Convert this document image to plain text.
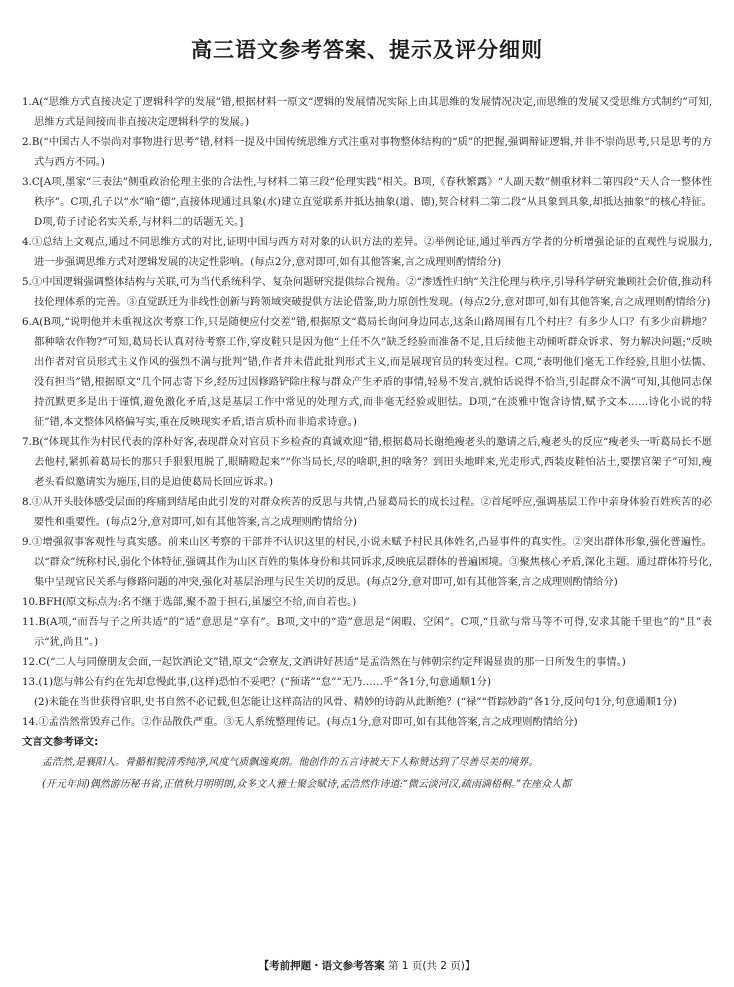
高三语文参考答案、提示及评分细则

1.A(“思维方式直接决定了逻辑科学的发展”错,根据材料一原文“逻辑的发展情况实际上由其思维的发展情况决定,而思维的发展又受思维方式制约”可知,思维方式是间接而非直接决定逻辑科学的发展。)

2.B(“中国古人不崇尚对事物进行思考”错,材料一提及中国传统思维方式注重对事物整体结构的“质”的把握,强调辩证逻辑,并非不崇尚思考,只是思考的方式与西方不同。)

3.C[A项,墨家“三表法”侧重政治伦理主张的合法性,与材料二第三段“伦理实践”相关。B项,《春秋繁露》“人副天数”侧重材料二第四段“天人合一整体性秩序”。C项,孔子以“水”喻“德”,直接体现通过具象(水)建立直觉联系并抵达抽象(道、德),契合材料二第二段“从具象到具象,却抵达抽象”的核心特征。D项,荀子讨论名实关系,与材料二的话题无关。]

4.①总结上文观点,通过不同思维方式的对比,证明中国与西方对对象的认识方法的差异。②举例论证,通过举西方学者的分析增强论证的直观性与说服力,进一步强调思维方式对逻辑发展的决定性影响。(每点2分,意对即可,如有其他答案,言之成理则酌情给分)

5.①中国逻辑强调整体结构与关联,可为当代系统科学、复杂问题研究提供综合视角。②“渗透性归纳”关注伦理与秩序,引导科学研究兼顾社会价值,推动科技伦理体系的完善。③直觉跃迁为非线性创新与跨领域突破提供方法论借鉴,助力原创性发现。(每点2分,意对即可,如有其他答案,言之成理则酌情给分)

6.A(B项,“说明他并未重视这次考察工作,只是随便应付交差”错,根据原文“葛局长询问身边同志,这条山路周围有几个村庄？有多少人口？有多少亩耕地？都种啥农作物?”可知,葛局长认真对待考察工作,穿皮鞋只是因为他“上任不久”缺乏经验而准备不足,且后续他主动倾听群众诉求、努力解决问题;“反映出作者对官员形式主义作风的强烈不满与批判”错,作者并未借此批判形式主义,而是展现官员的转变过程。C项,“表明他们毫无工作经验,且胆小怯懦、没有担当”错,根据原文“几个同志寄下乡,经历过因修路铲除庄稼与群众产生矛盾的事情,轻易不发言,就怕话说得不恰当,引起群众不满”可知,其他同志保持沉默更多是出于谨慎,避免激化矛盾,这是基层工作中常见的处理方式,而非毫无经验或胆怯。D项,“在淡雅中饱含诗情,赋予文本……诗化小说的特征”错,本文整体风格偏写实,重在反映现实矛盾,语言质朴而非追求诗意。)

7.B(“体现其作为村民代表的淳朴好客,表现群众对官员下乡检查的真诚欢迎”错,根据葛局长谢绝瘦老头的邀请之后,瘦老头的反应“瘦老头一听葛局长不愿去他村,紧抓着葛局长的那只手狠狠甩脱了,眼睛瞪起来”“你当局长,尽的啥职,担的啥务？到田头地畔来,光走形式,西装皮鞋怕沾土,要摆官架子”可知,瘦老头看似邀请实为施压,目的是迫使葛局长回应诉求。)

8.①从开头肢体感受层面的疼痛到结尾由此引发的对群众疾苦的反思与共情,凸显葛局长的成长过程。②首尾呼应,强调基层工作中亲身体验百姓疾苦的必要性和重要性。(每点2分,意对即可,如有其他答案,言之成理则酌情给分)

9.①增强叙事客观性与真实感。前来山区考察的干部并不认识这里的村民,小说未赋予村民具体姓名,凸显事件的真实性。②突出群体形象,强化普遍性。以“群众”统称村民,弱化个体特征,强调其作为山区百姓的集体身份和共同诉求,反映底层群体的普遍困境。③聚焦核心矛盾,深化主题。通过群体符号化,集中呈现官民关系与修路问题的冲突,强化对基层治理与民生关切的反思。(每点2分,意对即可,如有其他答案,言之成理则酌情给分)

10.BFH(原文标点为:名不继于选部,聚不盈于担石,虽屡空不给,而自若也。)

11.B(A项,“而吾与子之所共适”的“适”意思是“享有”。B项,文中的“造”意思是“闲暇、空闲”。C项,“且欲与常马等不可得,安求其能千里也”的“且”表示“犹,尚且”。)

12.C(“二人与同僚朋友会面,一起饮酒论文”错,原文“会寮友,文酒讲好甚适”是孟浩然在与韩朝宗约定拜谒显贵的那一日所发生的事情。)

13.(1)您与韩公有约在先却怠慢此事,(这样)恐怕不妥吧？(“预诺”“怠”“无乃……乎”各1分,句意通顺1分)

(2)未能在当世获得官职,史书自然不必记载,但怎能让这样高洁的风骨、精妙的诗韵从此断绝？(“禄”“哲踪妙韵”各1分,反问句1分,句意通顺1分)

14.①孟浩然常毁弃己作。②作品散佚严重。③无人系统整理传记。(每点1分,意对即可,如有其他答案,言之成理则酌情给分)

文言文参考译文:

孟浩然,是襄阳人。骨骼相貌清秀纯净,风度气质飘逸爽朗。他创作的五言诗被天下人称赞达到了尽善尽美的境界。

(开元年间)偶然游历秘书省,正值秋月明明朗,众多文人雅士聚会赋诗,孟浩然作诗道:“微云淡河汉,疏雨滴梧桐。”在座众人都

【考前押题・语文参考答案 第 1 页(共 2 页)】
